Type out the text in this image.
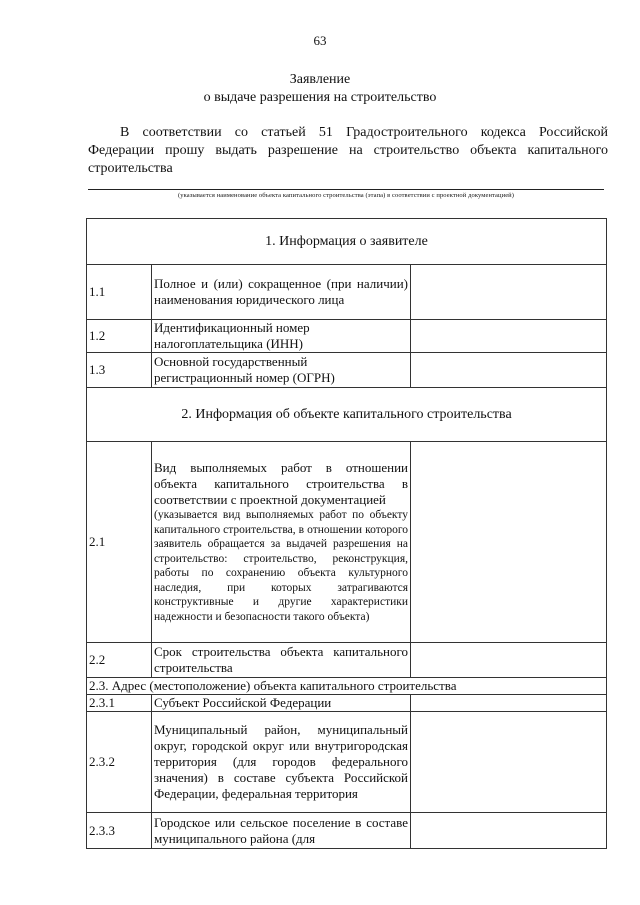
63
Заявление
о выдаче разрешения на строительство
В соответствии со статьей 51 Градостроительного кодекса Российской Федерации прошу выдать разрешение на строительство объекта капитального строительства
(указывается наименование объекта капитального строительства (этапа) в соответствии с проектной документацией)
1. Информация о заявителе		
1.1	Полное и (или) сокращенное (при наличии) наименования юридического лица	
1.2	Идентификационный номер налогоплательщика (ИНН)	
1.3	Основной государственный регистрационный номер (ОГРН)	
2. Информация об объекте капитального строительства		
2.1	Вид выполняемых работ в отношении объекта капитального строительства в соответствии с проектной документацией
(указывается вид выполняемых работ по объекту капитального строительства, в отношении которого заявитель обращается за выдачей разрешения на строительство: строительство, реконструкция, работы по сохранению объекта культурного наследия, при которых затрагиваются конструктивные и другие характеристики надежности и безопасности такого объекта)	

2.2	Срок строительства объекта капитального строительства	
2.3. Адрес (местоположение) объекта капитального строительства		
2.3.1	Субъект Российской Федерации	
2.3.2	Муниципальный район, муниципальный округ, городской округ или внутригородская территория (для городов федерального значения) в составе субъекта Российской Федерации, федеральная территория	
2.3.3	Городское или сельское поселение в составе муниципального района (для	
